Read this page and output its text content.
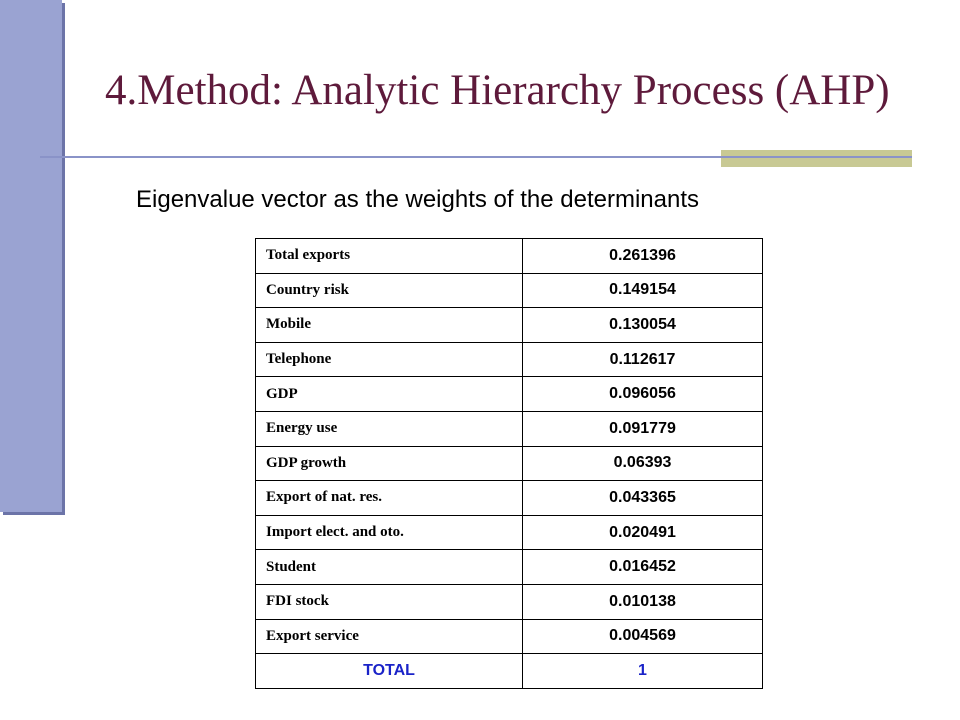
4.Method: Analytic Hierarchy Process (AHP)
Eigenvalue vector as the weights of the determinants
Total exports	0.261396
Country risk	0.149154
Mobile	0.130054
Telephone	0.112617
GDP	0.096056
Energy use	0.091779
GDP growth	0.06393
Export of nat. res.	0.043365
Import elect. and oto.	0.020491
Student	0.016452
FDI stock	0.010138
Export service	0.004569
TOTAL	1
